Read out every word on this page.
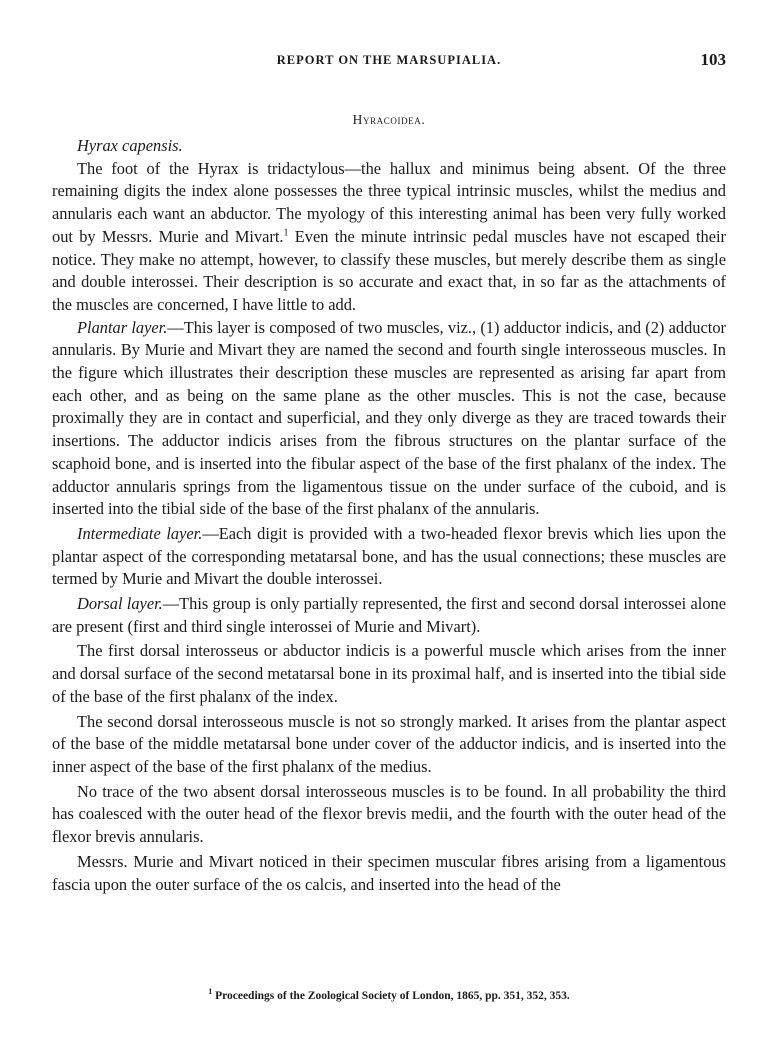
REPORT ON THE MARSUPIALIA.	103
Hyracoidea.

Hyrax capensis.

The foot of the Hyrax is tridactylous—the hallux and minimus being absent. Of the three remaining digits the index alone possesses the three typical intrinsic muscles, whilst the medius and annularis each want an abductor. The myology of this interesting animal has been very fully worked out by Messrs. Murie and Mivart.$^1$ Even the minute intrinsic pedal muscles have not escaped their notice. They make no attempt, however, to classify these muscles, but merely describe them as single and double interossei. Their description is so accurate and exact that, in so far as the attachments of the muscles are concerned, I have little to add.

Plantar layer.—This layer is composed of two muscles, viz., (1) adductor indicis, and (2) adductor annularis. By Murie and Mivart they are named the second and fourth single interosseous muscles. In the figure which illustrates their description these muscles are represented as arising far apart from each other, and as being on the same plane as the other muscles. This is not the case, because proximally they are in contact and superficial, and they only diverge as they are traced towards their insertions. The adductor indicis arises from the fibrous structures on the plantar surface of the scaphoid bone, and is inserted into the fibular aspect of the base of the first phalanx of the index. The adductor annularis springs from the ligamentous tissue on the under surface of the cuboid, and is inserted into the tibial side of the base of the first phalanx of the annularis.

Intermediate layer.—Each digit is provided with a two-headed flexor brevis which lies upon the plantar aspect of the corresponding metatarsal bone, and has the usual connections; these muscles are termed by Murie and Mivart the double interossei.

Dorsal layer.—This group is only partially represented, the first and second dorsal interossei alone are present (first and third single interossei of Murie and Mivart).

The first dorsal interosseus or abductor indicis is a powerful muscle which arises from the inner and dorsal surface of the second metatarsal bone in its proximal half, and is inserted into the tibial side of the base of the first phalanx of the index.

The second dorsal interosseous muscle is not so strongly marked. It arises from the plantar aspect of the base of the middle metatarsal bone under cover of the adductor indicis, and is inserted into the inner aspect of the base of the first phalanx of the medius.

No trace of the two absent dorsal interosseous muscles is to be found. In all probability the third has coalesced with the outer head of the flexor brevis medii, and the fourth with the outer head of the flexor brevis annularis.

Messrs. Murie and Mivart noticed in their specimen muscular fibres arising from a ligamentous fascia upon the outer surface of the os calcis, and inserted into the head of the

$^1$ Proceedings of the Zoological Society of London, 1865, pp. 351, 352, 353.
